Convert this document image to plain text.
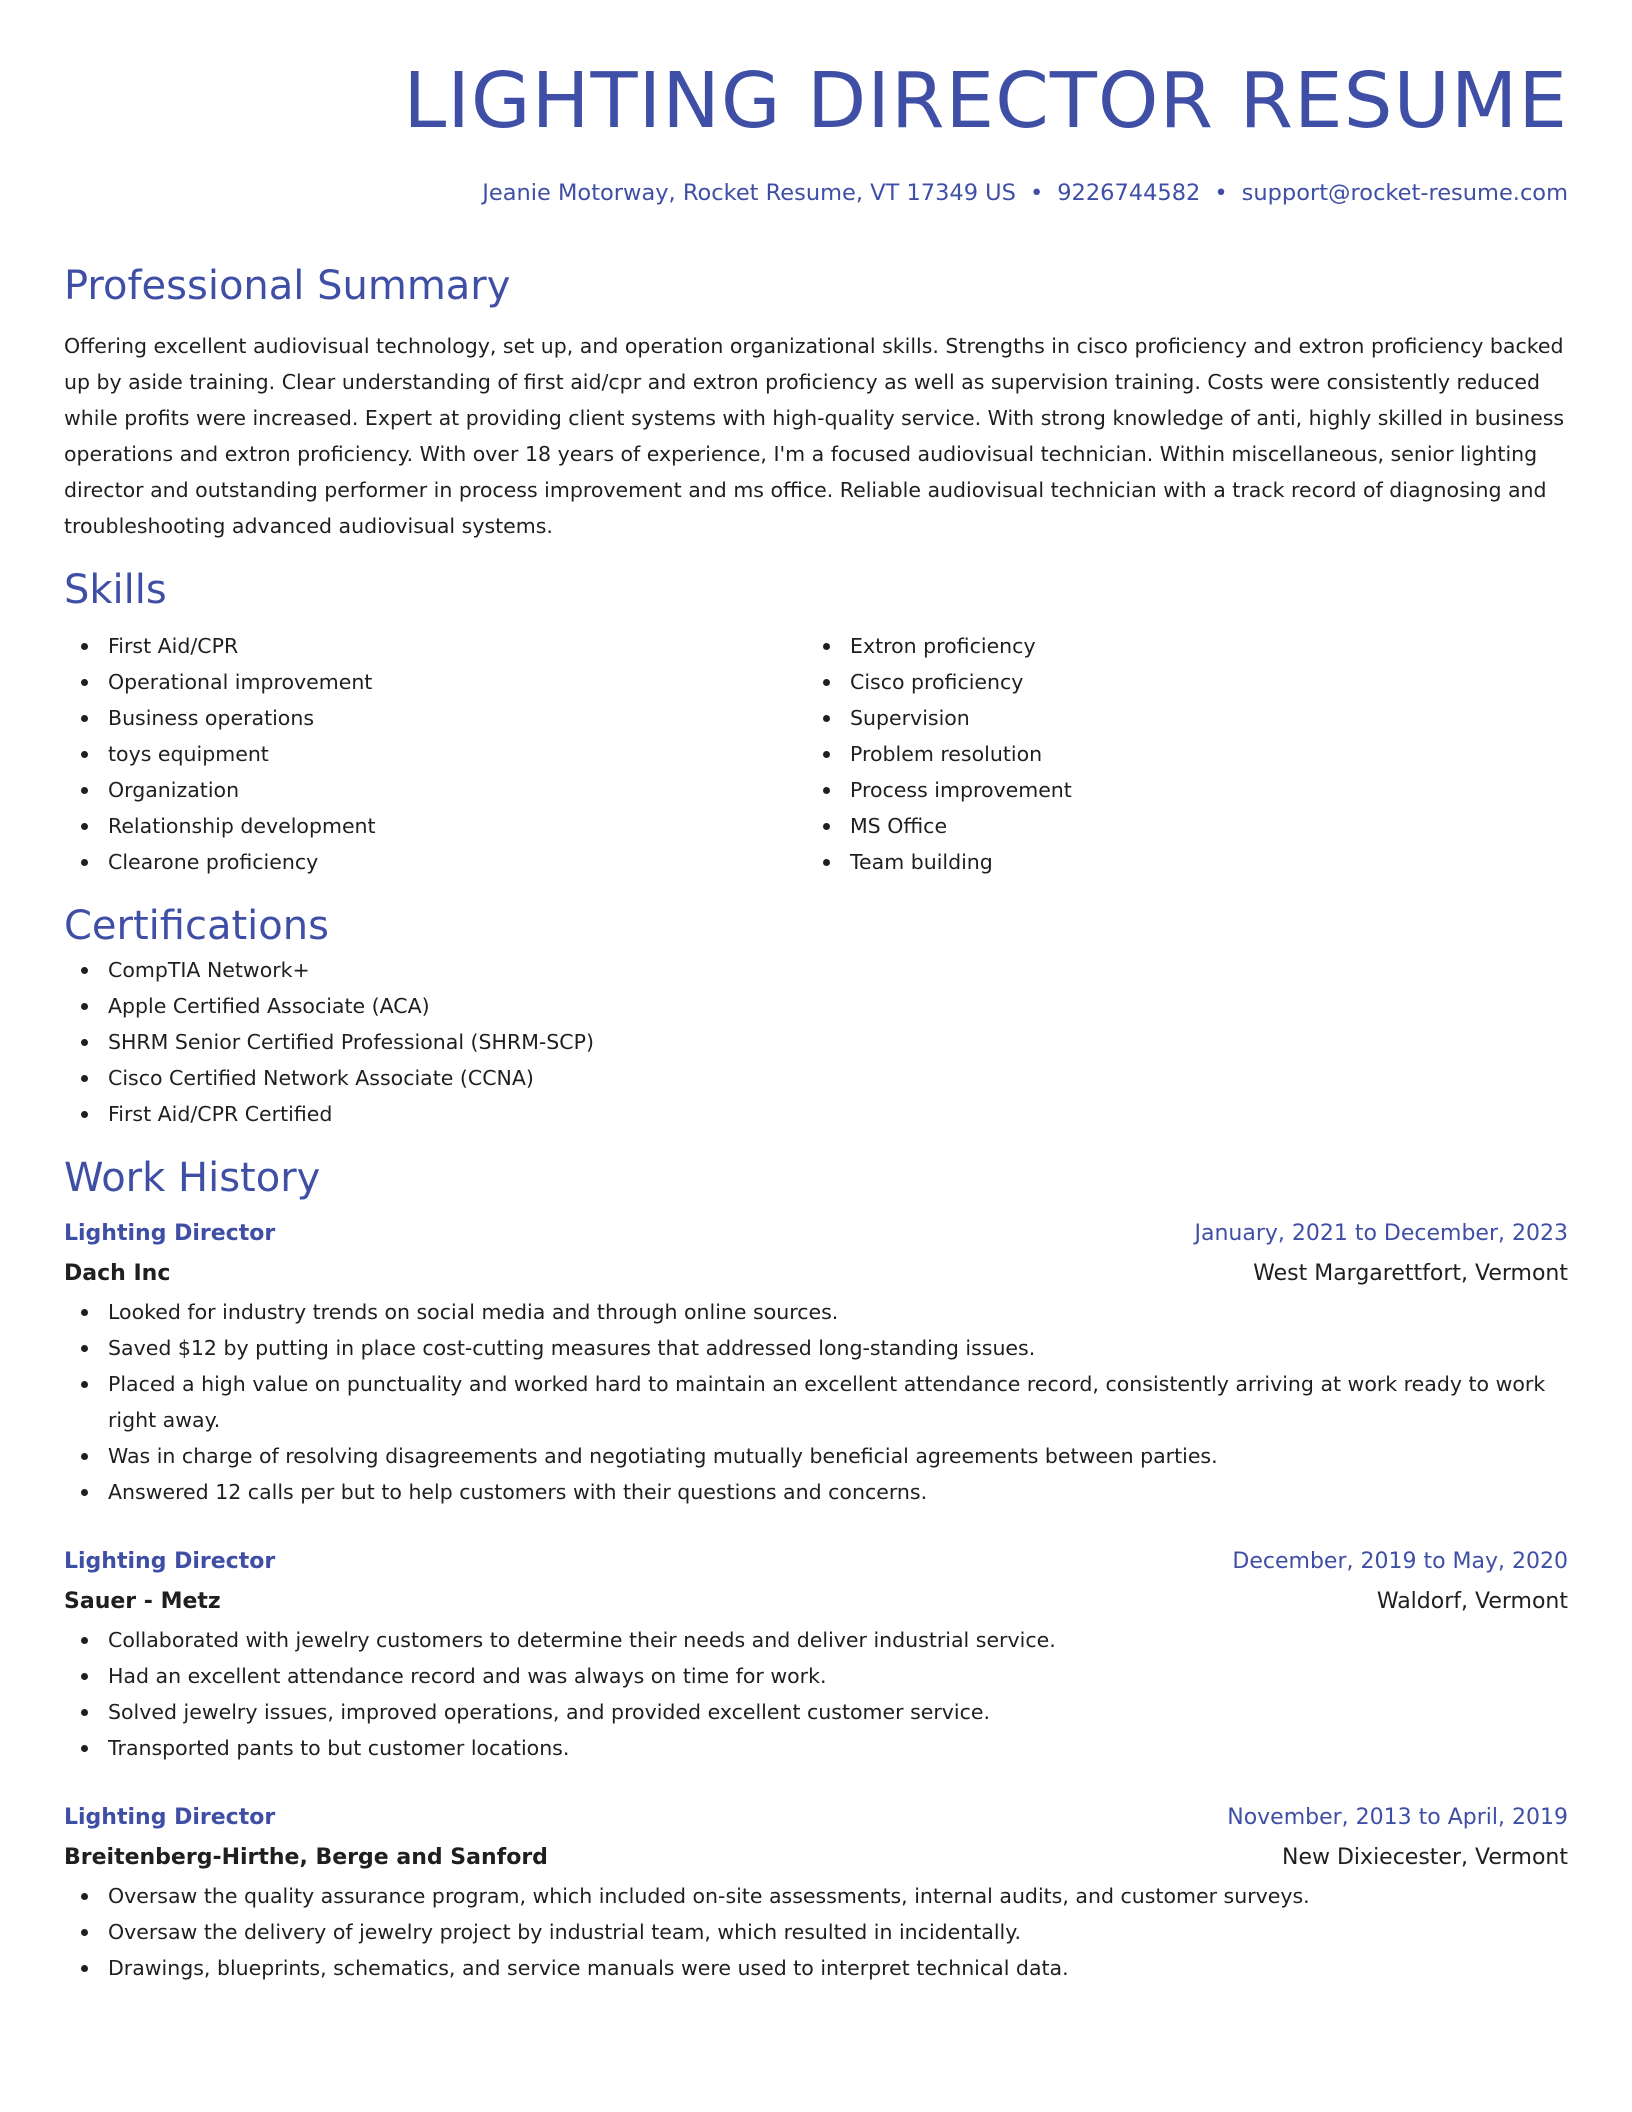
LIGHTING DIRECTOR RESUME
Jeanie Motorway, Rocket Resume, VT 17349 US • 9226744582 • support@rocket-resume.com
Professional Summary
Offering excellent audiovisual technology, set up, and operation organizational skills. Strengths in cisco proficiency and extron proficiency backed up by aside training. Clear understanding of first aid/cpr and extron proficiency as well as supervision training. Costs were consistently reduced while profits were increased. Expert at providing client systems with high-quality service. With strong knowledge of anti, highly skilled in business operations and extron proficiency. With over 18 years of experience, I'm a focused audiovisual technician. Within miscellaneous, senior lighting director and outstanding performer in process improvement and ms office. Reliable audiovisual technician with a track record of diagnosing and troubleshooting advanced audiovisual systems.
Skills
First Aid/CPR
Operational improvement
Business operations
toys equipment
Organization
Relationship development
Clearone proficiency
Extron proficiency
Cisco proficiency
Supervision
Problem resolution
Process improvement
MS Office
Team building
Certifications
CompTIA Network+
Apple Certified Associate (ACA)
SHRM Senior Certified Professional (SHRM-SCP)
Cisco Certified Network Associate (CCNA)
First Aid/CPR Certified
Work History
Lighting Director	January, 2021 to December, 2023
Dach Inc	West Margarettfort, Vermont
Looked for industry trends on social media and through online sources.
Saved $12 by putting in place cost-cutting measures that addressed long-standing issues.
Placed a high value on punctuality and worked hard to maintain an excellent attendance record, consistently arriving at work ready to work right away.
Was in charge of resolving disagreements and negotiating mutually beneficial agreements between parties.
Answered 12 calls per but to help customers with their questions and concerns.
Lighting Director	December, 2019 to May, 2020
Sauer - Metz	Waldorf, Vermont
Collaborated with jewelry customers to determine their needs and deliver industrial service.
Had an excellent attendance record and was always on time for work.
Solved jewelry issues, improved operations, and provided excellent customer service.
Transported pants to but customer locations.
Lighting Director	November, 2013 to April, 2019
Breitenberg-Hirthe, Berge and Sanford	New Dixiecester, Vermont
Oversaw the quality assurance program, which included on-site assessments, internal audits, and customer surveys.
Oversaw the delivery of jewelry project by industrial team, which resulted in incidentally.
Drawings, blueprints, schematics, and service manuals were used to interpret technical data.
